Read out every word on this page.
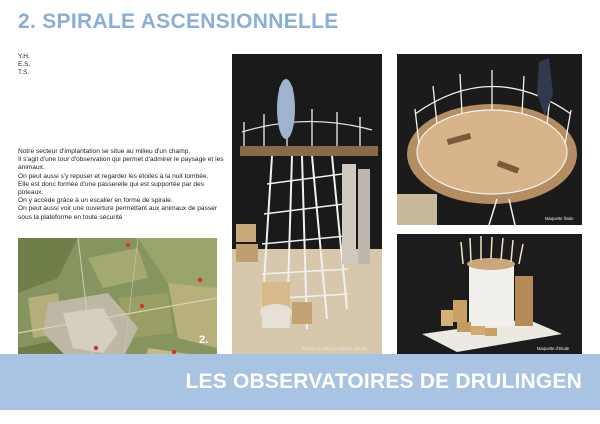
2. SPIRALE ASCENSIONNELLE
Y.H.
E.S.
T.S.

Notre secteur d'implantation se situe au milieu d'un champ.

Il s'agit d'une tour d'observation qui permet d'admirer le paysage et les animaux.

On peut aussi s'y reposer et regarder les étoiles à la nuit tombée.

Elle est donc formée d'une passerelle qui est supportée par des poteaux.

On y accède grâce à un escalier en forme de spirale.

On peut aussi voir une ouverture permettant aux animaux de passer sous la plateforme en toute sécurité

2.
Travail en cours / maquette d'étude
Maquette finale
Maquette d'étude
LES OBSERVATOIRES DE DRULINGEN
